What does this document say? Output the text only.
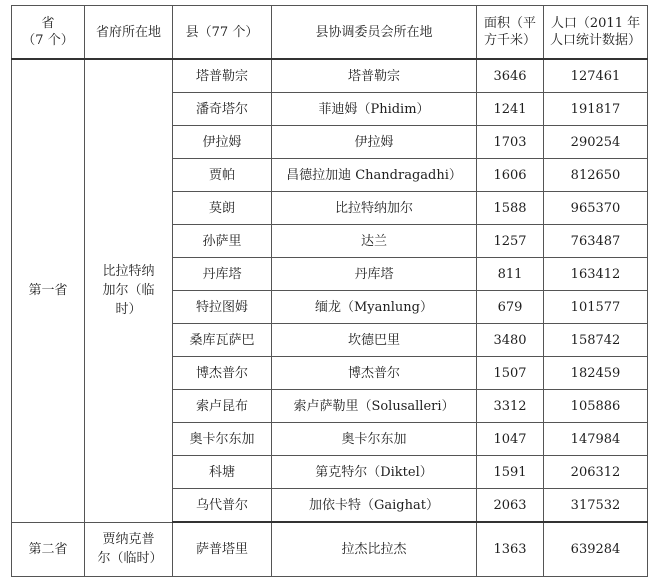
省
（7 个）	省府所在地	县（77 个）	县协调委员会所在地	面积（平
方千米）	人口（2011 年
人口统计数据）

第一省	比拉特纳加尔（临时）	塔普勒宗	塔普勒宗	3646	127461
		潘奇塔尔	菲迪姆（Phidim）	1241	191817
		伊拉姆	伊拉姆	1703	290254
		贾帕	昌德拉加迪 Chandragadhi）	1606	812650
		莫朗	比拉特纳加尔	1588	965370
		孙萨里	达兰	1257	763487
		丹库塔	丹库塔	811	163412
		特拉图姆	缅龙（Myanlung）	679	101577
		桑库瓦萨巴	坎德巴里	3480	158742
		博杰普尔	博杰普尔	1507	182459
		索卢昆布	索卢萨勒里（Solusalleri）	3312	105886
		奥卡尔东加	奥卡尔东加	1047	147984
		科塘	第克特尔（Diktel）	1591	206312
		乌代普尔	加依卡特（Gaighat）	2063	317532
第二省	贾纳克普尔（临时）	萨普塔里	拉杰比拉杰	1363	639284
